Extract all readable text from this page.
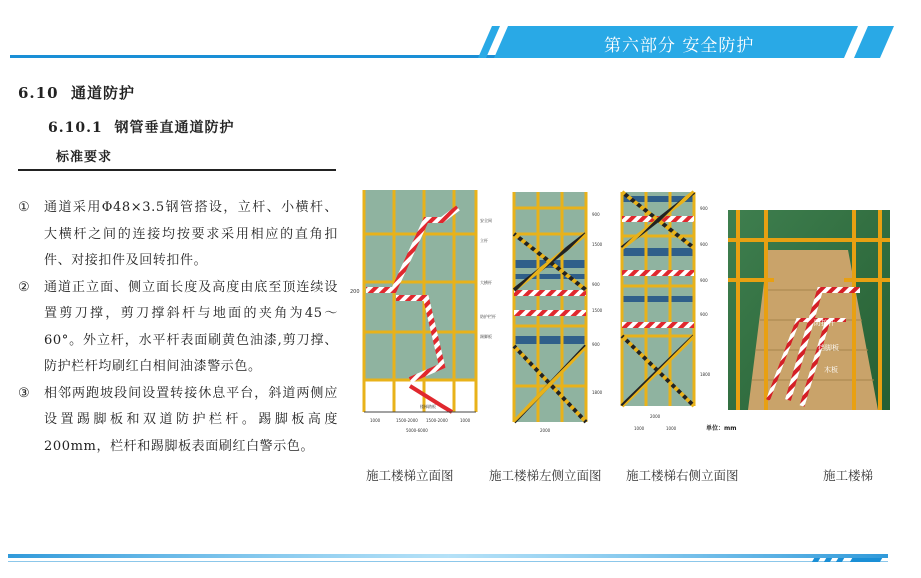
第六部分 安全防护
6.10 通道防护
6.10.1 钢管垂直通道防护
标准要求
① 通道采用Φ48×3.5钢管搭设，立杆、小横杆、大横杆之间的连接均按要求采用相应的直角扣件、对接扣件及回转扣件。
② 通道正立面、侧立面长度及高度由底至顶连续设置剪刀撑，剪刀撑斜杆与地面的夹角为45～60°。外立杆，水平杆表面刷黄色油漆,剪刀撑、防护栏杆均刷红白相间油漆警示色。
③ 相邻两跑坡段间设置转接休息平台，斜道两侧应设置踢脚板和双道防护栏杆。踢脚板高度200mm，栏杆和踢脚板表面刷红白警示色。
200
安全网
立杆
大横杆
防护栏杆
踢脚板
楼梯踏板
1000	1500-2000 1500-2000	1000
5000-6000
900
1500
900
1500
900
1800
2000
900
900
900
900
1800
2000
1000	1000	单位：mm
防护杆
挡脚板
木板
施工楼梯立面图	施工楼梯左侧立面图 施工楼梯右侧立面图	施工楼梯
